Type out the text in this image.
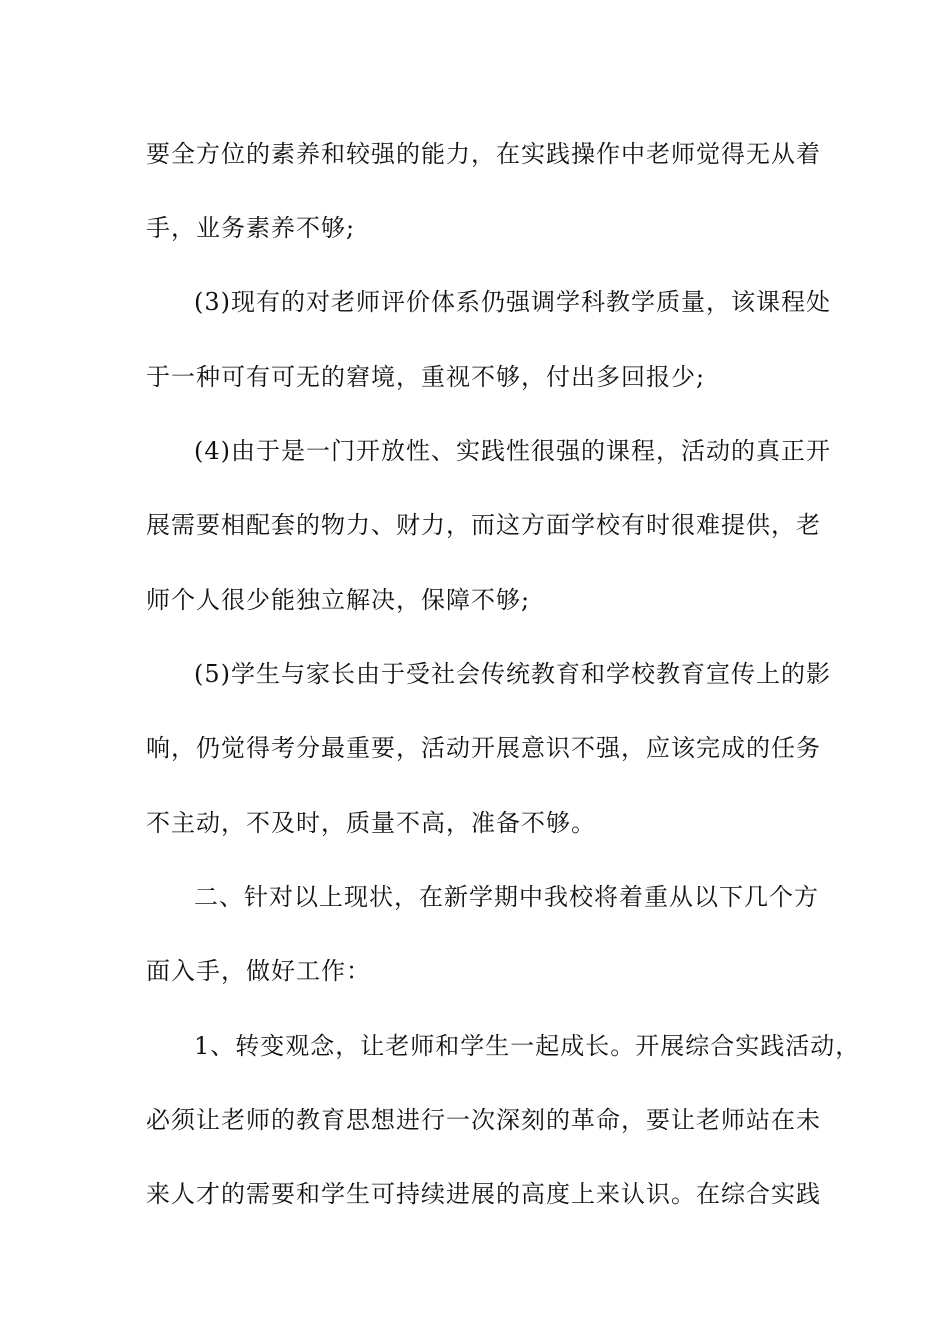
要全方位的素养和较强的能力，在实践操作中老师觉得无从着
手，业务素养不够;
(3)现有的对老师评价体系仍强调学科教学质量，该课程处
于一种可有可无的窘境，重视不够，付出多回报少;
(4)由于是一门开放性、实践性很强的课程，活动的真正开
展需要相配套的物力、财力，而这方面学校有时很难提供，老
师个人很少能独立解决，保障不够;
(5)学生与家长由于受社会传统教育和学校教育宣传上的影
响，仍觉得考分最重要，活动开展意识不强，应该完成的任务
不主动，不及时，质量不高，准备不够。
二、针对以上现状，在新学期中我校将着重从以下几个方
面入手，做好工作：
1、转变观念，让老师和学生一起成长。开展综合实践活动，
必须让老师的教育思想进行一次深刻的革命，要让老师站在未
来人才的需要和学生可持续进展的高度上来认识。在综合实践
